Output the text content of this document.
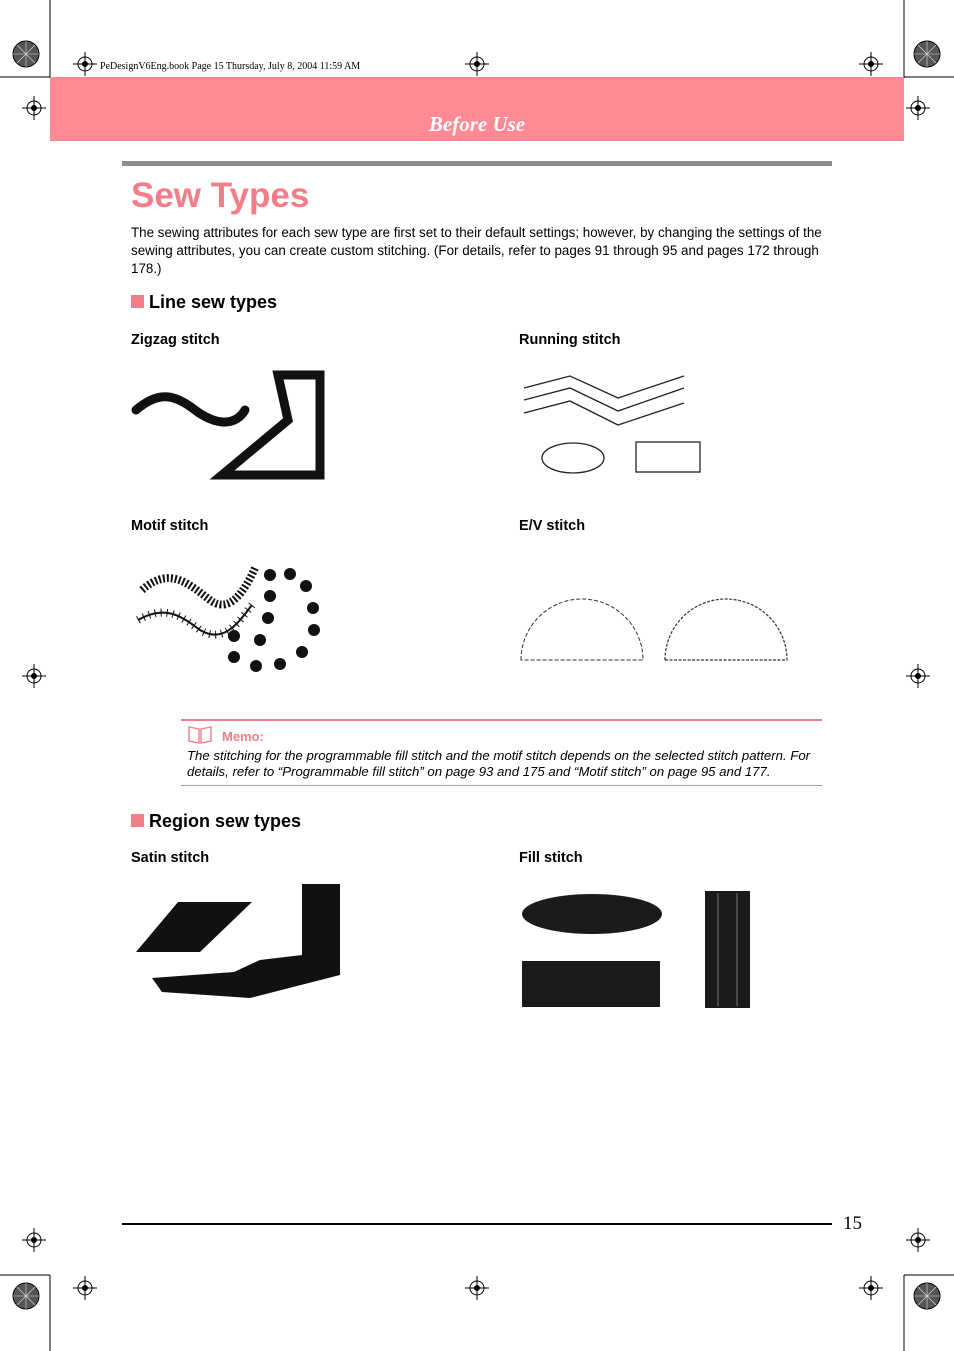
PeDesignV6Eng.book Page 15 Thursday, July 8, 2004 11:59 AM
Before Use
Sew Types
The sewing attributes for each sew type are first set to their default settings; however, by changing the settings of the sewing attributes, you can create custom stitching. (For details, refer to pages 91 through 95 and pages 172 through 178.)
Line sew types
Zigzag stitch	Running stitch
Motif stitch	E/V stitch
Memo:
The stitching for the programmable fill stitch and the motif stitch depends on the selected stitch pattern. For details, refer to “Programmable fill stitch” on page 93 and 175 and “Motif stitch” on page 95 and 177.
Region sew types
Satin stitch	Fill stitch
15
